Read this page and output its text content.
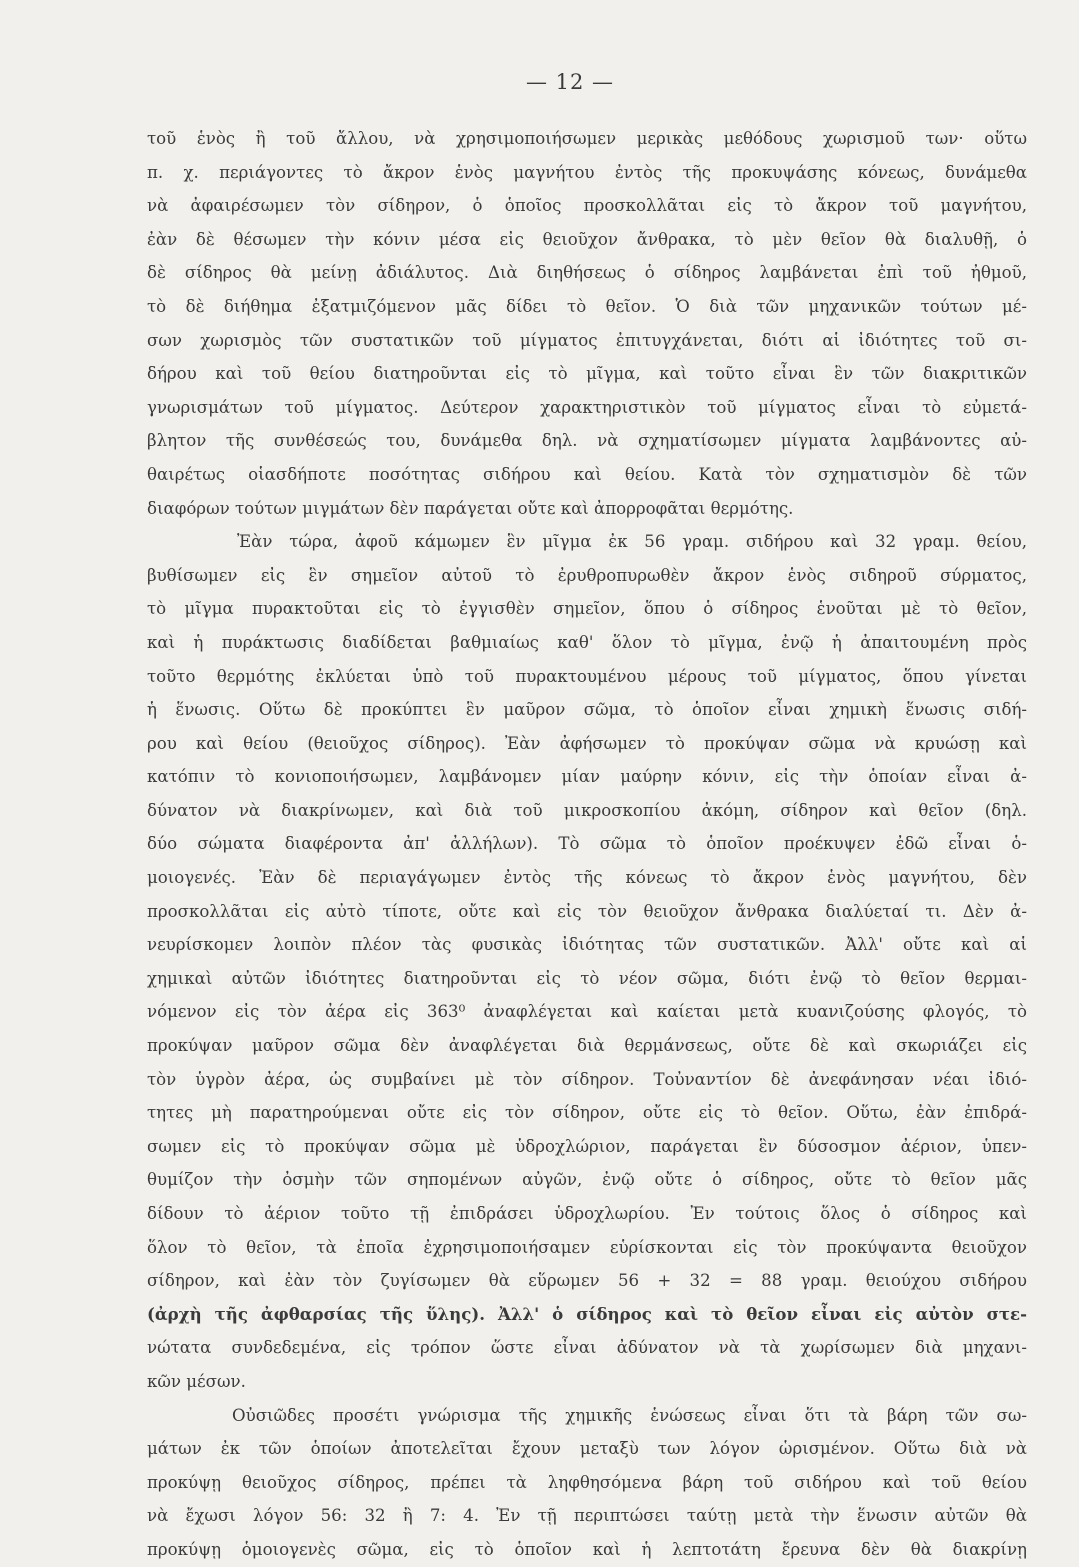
— 12 —
τοῦ ἑνὸς ἢ τοῦ ἄλλου, νὰ χρησιμοποιήσωμεν μερικὰς μεθόδους χωρισμοῦ των· οὕτω
π. χ. περιάγοντες τὸ ἄκρον ἑνὸς μαγνήτου ἐντὸς τῆς προκυψάσης κόνεως, δυνάμεθα
νὰ ἀφαιρέσωμεν τὸν σίδηρον, ὁ ὁποῖος προσκολλᾶται εἰς τὸ ἄκρον τοῦ μαγνήτου,
ἐὰν δὲ θέσωμεν τὴν κόνιν μέσα εἰς θειοῦχον ἄνθρακα, τὸ μὲν θεῖον θὰ διαλυθῇ, ὁ
δὲ σίδηρος θὰ μείνῃ ἀδιάλυτος. Διὰ διηθήσεως ὁ σίδηρος λαμβάνεται ἐπὶ τοῦ ἠθμοῦ,
τὸ δὲ διήθημα ἐξατμιζόμενον μᾶς δίδει τὸ θεῖον. Ὁ διὰ τῶν μηχανικῶν τούτων μέ-
σων χωρισμὸς τῶν συστατικῶν τοῦ μίγματος ἐπιτυγχάνεται, διότι αἱ ἰδιότητες τοῦ σι-
δήρου καὶ τοῦ θείου διατηροῦνται εἰς τὸ μῖγμα, καὶ τοῦτο εἶναι ἓν τῶν διακριτικῶν
γνωρισμάτων τοῦ μίγματος. Δεύτερον χαρακτηριστικὸν τοῦ μίγματος εἶναι τὸ εὐμετά-
βλητον τῆς συνθέσεώς του, δυνάμεθα δηλ. νὰ σχηματίσωμεν μίγματα λαμβάνοντες αὐ-
θαιρέτως οἱασδήποτε ποσότητας σιδήρου καὶ θείου. Κατὰ τὸν σχηματισμὸν δὲ τῶν
διαφόρων τούτων μιγμάτων δὲν παράγεται οὔτε καὶ ἀπορροφᾶται θερμότης.
Ἐὰν τώρα, ἀφοῦ κάμωμεν ἓν μῖγμα ἐκ 56 γραμ. σιδήρου καὶ 32 γραμ. θείου,
βυθίσωμεν εἰς ἓν σημεῖον αὐτοῦ τὸ ἐρυθροπυρωθὲν ἄκρον ἑνὸς σιδηροῦ σύρματος,
τὸ μῖγμα πυρακτοῦται εἰς τὸ ἐγγισθὲν σημεῖον, ὅπου ὁ σίδηρος ἑνοῦται μὲ τὸ θεῖον,
καὶ ἡ πυράκτωσις διαδίδεται βαθμιαίως καθ' ὅλον τὸ μῖγμα, ἐνῷ ἡ ἀπαιτουμένη πρὸς
τοῦτο θερμότης ἐκλύεται ὑπὸ τοῦ πυρακτουμένου μέρους τοῦ μίγματος, ὅπου γίνεται
ἡ ἕνωσις. Οὕτω δὲ προκύπτει ἓν μαῦρον σῶμα, τὸ ὁποῖον εἶναι χημικὴ ἕνωσις σιδή-
ρου καὶ θείου (θειοῦχος σίδηρος). Ἐὰν ἀφήσωμεν τὸ προκύψαν σῶμα νὰ κρυώσῃ καὶ
κατόπιν τὸ κονιοποιήσωμεν, λαμβάνομεν μίαν μαύρην κόνιν, εἰς τὴν ὁποίαν εἶναι ἀ-
δύνατον νὰ διακρίνωμεν, καὶ διὰ τοῦ μικροσκοπίου ἀκόμη, σίδηρον καὶ θεῖον (δηλ.
δύο σώματα διαφέροντα ἀπ' ἀλλήλων). Τὸ σῶμα τὸ ὁποῖον προέκυψεν ἐδῶ εἶναι ὁ-
μοιογενές. Ἐὰν δὲ περιαγάγωμεν ἐντὸς τῆς κόνεως τὸ ἄκρον ἑνὸς μαγνήτου, δὲν
προσκολλᾶται εἰς αὐτὸ τίποτε, οὔτε καὶ εἰς τὸν θειοῦχον ἄνθρακα διαλύεταί τι. Δὲν ἀ-
νευρίσκομεν λοιπὸν πλέον τὰς φυσικὰς ἰδιότητας τῶν συστατικῶν. Ἀλλ' οὔτε καὶ αἱ
χημικαὶ αὐτῶν ἰδιότητες διατηροῦνται εἰς τὸ νέον σῶμα, διότι ἐνῷ τὸ θεῖον θερμαι-
νόμενον εἰς τὸν ἀέρα εἰς 363⁰ ἀναφλέγεται καὶ καίεται μετὰ κυανιζούσης φλογός, τὸ
προκύψαν μαῦρον σῶμα δὲν ἀναφλέγεται διὰ θερμάνσεως, οὔτε δὲ καὶ σκωριάζει εἰς
τὸν ὑγρὸν ἀέρα, ὡς συμβαίνει μὲ τὸν σίδηρον. Τοὐναντίον δὲ ἀνεφάνησαν νέαι ἰδιό-
τητες μὴ παρατηρούμεναι οὔτε εἰς τὸν σίδηρον, οὔτε εἰς τὸ θεῖον. Οὕτω, ἐὰν ἐπιδρά-
σωμεν εἰς τὸ προκύψαν σῶμα μὲ ὑδροχλώριον, παράγεται ἓν δύσοσμον ἀέριον, ὑπεν-
θυμίζον τὴν ὀσμὴν τῶν σηπομένων αὐγῶν, ἐνῷ οὔτε ὁ σίδηρος, οὔτε τὸ θεῖον μᾶς
δίδουν τὸ ἀέριον τοῦτο τῇ ἐπιδράσει ὑδροχλωρίου. Ἐν τούτοις ὅλος ὁ σίδηρος καὶ
ὅλον τὸ θεῖον, τὰ ἐποῖα ἐχρησιμοποιήσαμεν εὑρίσκονται εἰς τὸν προκύψαντα θειοῦχον
σίδηρον, καὶ ἐὰν τὸν ζυγίσωμεν θὰ εὕρωμεν 56 + 32 = 88 γραμ. θειούχου σιδήρου
(ἀρχὴ τῆς ἀφθαρσίας τῆς ὕλης). Ἀλλ' ὁ σίδηρος καὶ τὸ θεῖον εἶναι εἰς αὐτὸν στε-
νώτατα συνδεδεμένα, εἰς τρόπον ὥστε εἶναι ἀδύνατον νὰ τὰ χωρίσωμεν διὰ μηχανι-
κῶν μέσων.
Οὐσιῶδες προσέτι γνώρισμα τῆς χημικῆς ἑνώσεως εἶναι ὅτι τὰ βάρη τῶν σω-
μάτων ἐκ τῶν ὁποίων ἀποτελεῖται ἔχουν μεταξὺ των λόγον ὡρισμένον. Οὕτω διὰ νὰ
προκύψῃ θειοῦχος σίδηρος, πρέπει τὰ ληφθησόμενα βάρη τοῦ σιδήρου καὶ τοῦ θείου
νὰ ἔχωσι λόγον 56: 32 ἢ 7: 4. Ἐν τῇ περιπτώσει ταύτῃ μετὰ τὴν ἕνωσιν αὐτῶν θὰ
προκύψῃ ὁμοιογενὲς σῶμα, εἰς τὸ ὁποῖον καὶ ἡ λεπτοτάτη ἔρευνα δὲν θὰ διακρίνῃ
